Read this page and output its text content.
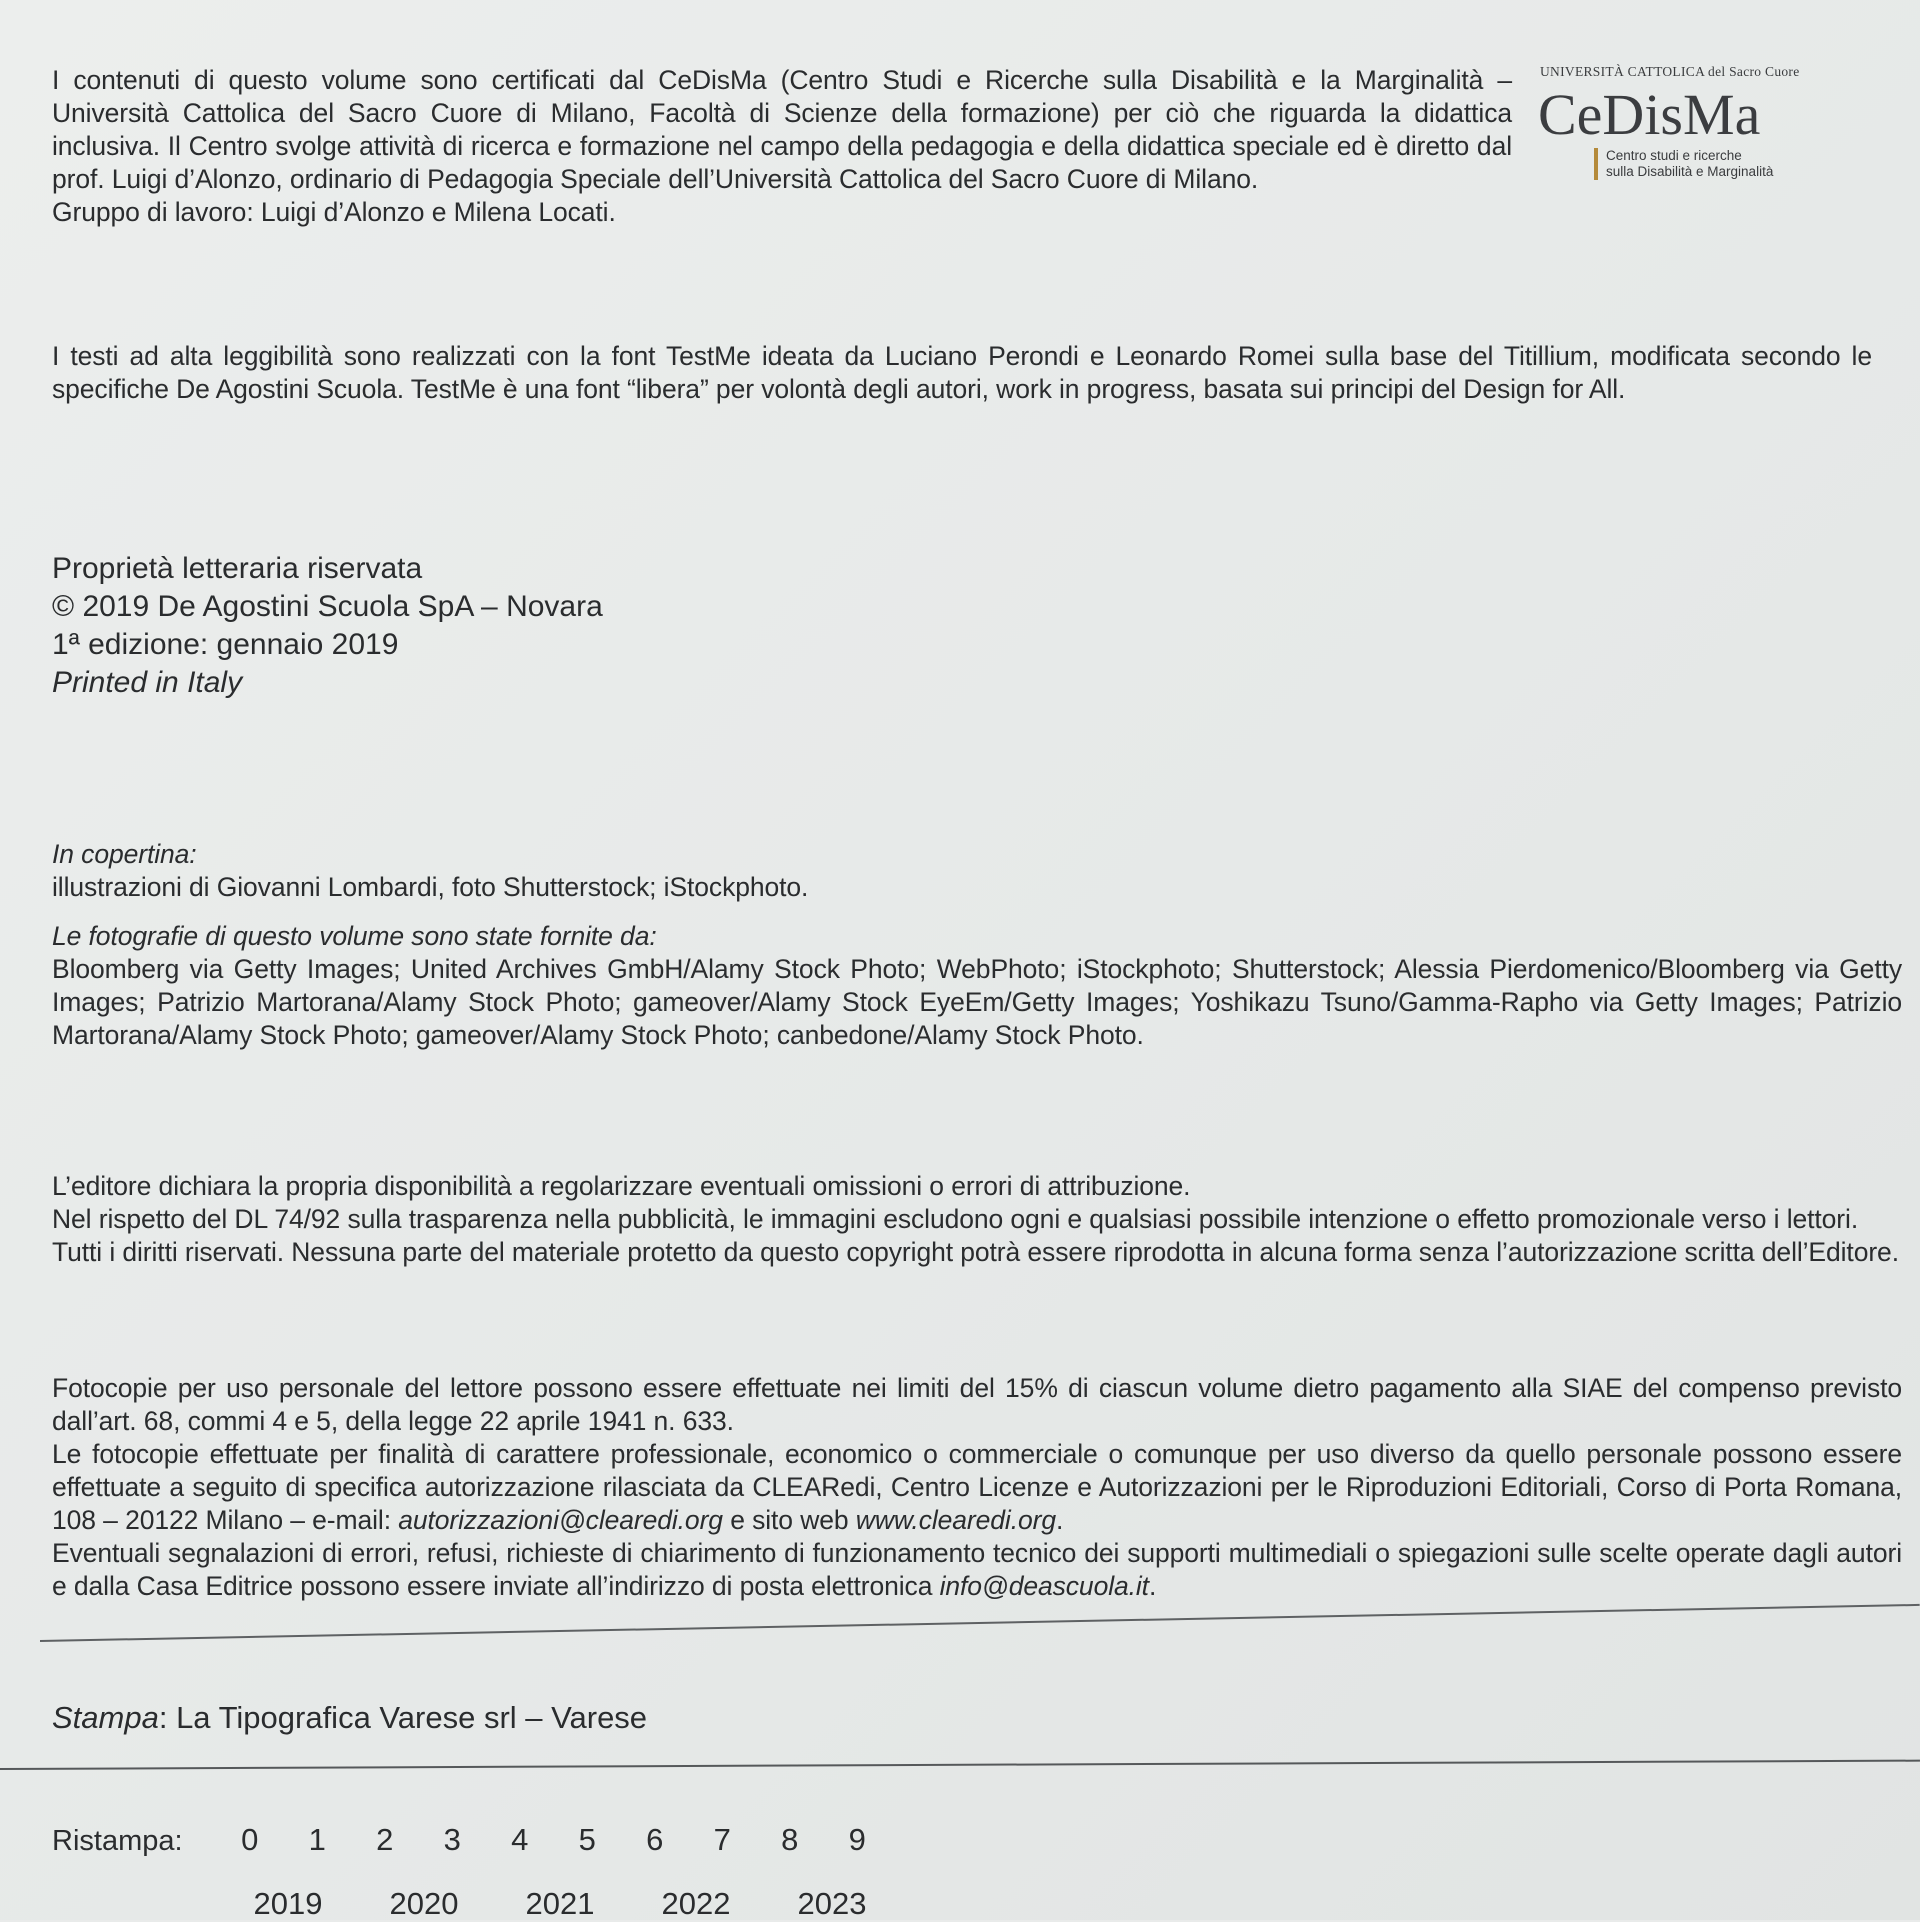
I contenuti di questo volume sono certificati dal CeDisMa (Centro Studi e Ricerche sulla Disabilità e la Marginalità – Università Cattolica del Sacro Cuore di Milano, Facoltà di Scienze della formazione) per ciò che riguarda la didattica inclusiva. Il Centro svolge attività di ricerca e formazione nel campo della pedagogia e della didattica speciale ed è diretto dal prof. Luigi d’Alonzo, ordinario di Pedagogia Speciale dell’Università Cattolica del Sacro Cuore di Milano.

Gruppo di lavoro: Luigi d’Alonzo e Milena Locati.

UNIVERSITÀ CATTOLICA del Sacro Cuore
CeDisMa
Centro studi e ricerche
sulla Disabilità e Marginalità

I testi ad alta leggibilità sono realizzati con la font TestMe ideata da Luciano Perondi e Leonardo Romei sulla base del Titillium, modificata secondo le specifiche De Agostini Scuola. TestMe è una font “libera” per volontà degli autori, work in progress, basata sui principi del Design for All.

Proprietà letteraria riservata
© 2019 De Agostini Scuola SpA – Novara
1ª edizione: gennaio 2019
Printed in Italy

In copertina:

illustrazioni di Giovanni Lombardi, foto Shutterstock; iStockphoto.

Le fotografie di questo volume sono state fornite da:

Bloomberg via Getty Images; United Archives GmbH/Alamy Stock Photo; WebPhoto; iStockphoto; Shutterstock; Alessia Pierdomenico/Bloomberg via Getty Images; Patrizio Martorana/Alamy Stock Photo; gameover/Alamy Stock EyeEm/Getty Images; Yoshikazu Tsuno/Gamma-Rapho via Getty Images; Patrizio Martorana/Alamy Stock Photo; gameover/Alamy Stock Photo; canbedone/Alamy Stock Photo.

L’editore dichiara la propria disponibilità a regolarizzare eventuali omissioni o errori di attribuzione.

Nel rispetto del DL 74/92 sulla trasparenza nella pubblicità, le immagini escludono ogni e qualsiasi possibile intenzione o effetto promozionale verso i lettori.

Tutti i diritti riservati. Nessuna parte del materiale protetto da questo copyright potrà essere riprodotta in alcuna forma senza l’autorizzazione scritta dell’Editore.

Fotocopie per uso personale del lettore possono essere effettuate nei limiti del 15% di ciascun volume dietro pagamento alla SIAE del compenso previsto dall’art. 68, commi 4 e 5, della legge 22 aprile 1941 n. 633.

Le fotocopie effettuate per finalità di carattere professionale, economico o commerciale o comunque per uso diverso da quello personale possono essere effettuate a seguito di specifica autorizzazione rilasciata da CLEARedi, Centro Licenze e Autorizzazioni per le Riproduzioni Editoriali, Corso di Porta Romana, 108 – 20122 Milano – e-mail: autorizzazioni@clearedi.org e sito web www.clearedi.org.

Eventuali segnalazioni di errori, refusi, richieste di chiarimento di funzionamento tecnico dei supporti multimediali o spiegazioni sulle scelte operate dagli autori e dalla Casa Editrice possono essere inviate all’indirizzo di posta elettronica info@deascuola.it.

Stampa: La Tipografica Varese srl – Varese
Ristampa:	0	1	2	3	4	5	6	7	8	9
2019	2020	2021	2022	2023
